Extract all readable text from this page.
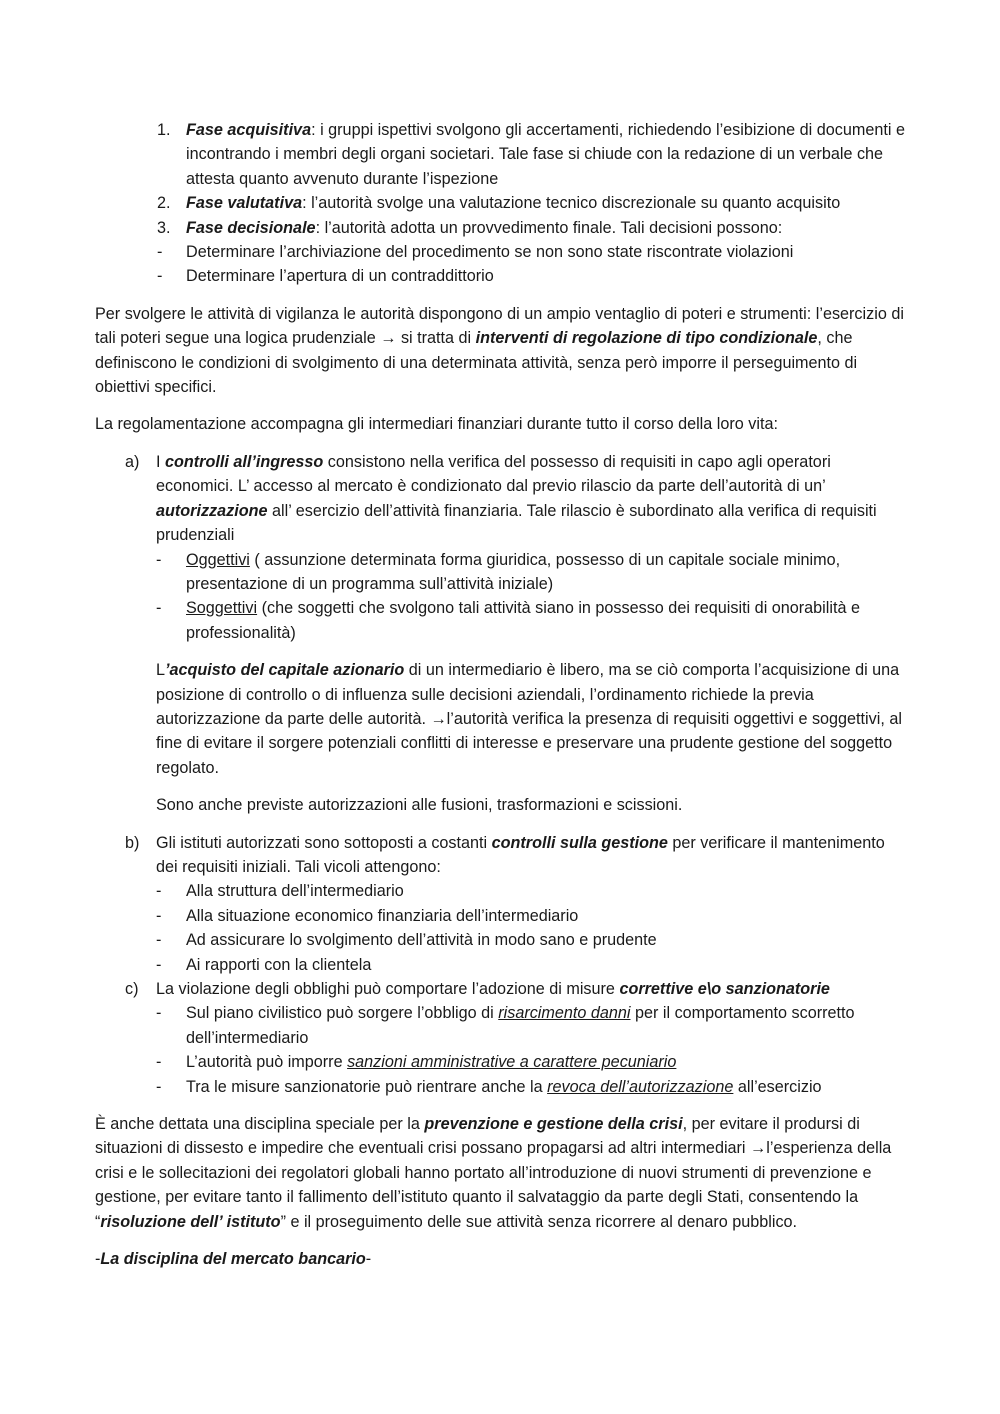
1. Fase acquisitiva: i gruppi ispettivi svolgono gli accertamenti, richiedendo l’esibizione di documenti e incontrando i membri degli organi societari. Tale fase si chiude con la redazione di un verbale che attesta quanto avvenuto durante l’ispezione

2. Fase valutativa: l’autorità svolge una valutazione tecnico discrezionale su quanto acquisito

3. Fase decisionale: l’autorità adotta un provvedimento finale. Tali decisioni possono:

- Determinare l’archiviazione del procedimento se non sono state riscontrate violazioni

- Determinare l’apertura di un contraddittorio

Per svolgere le attività di vigilanza le autorità dispongono di un ampio ventaglio di poteri e strumenti: l’esercizio di tali poteri segue una logica prudenziale → si tratta di interventi di regolazione di tipo condizionale, che definiscono le condizioni di svolgimento di una determinata attività, senza però imporre il perseguimento di obiettivi specifici.

La regolamentazione accompagna gli intermediari finanziari durante tutto il corso della loro vita:

a) I controlli all’ingresso consistono nella verifica del possesso di requisiti in capo agli operatori economici. L’ accesso al mercato è condizionato dal previo rilascio da parte dell’autorità di un’ autorizzazione all’ esercizio dell’attività finanziaria. Tale rilascio è subordinato alla verifica di requisiti prudenziali

- Oggettivi ( assunzione determinata forma giuridica, possesso di un capitale sociale minimo, presentazione di un programma sull’attività iniziale)

- Soggettivi (che soggetti che svolgono tali attività siano in possesso dei requisiti di onorabilità e professionalità)

L’acquisto del capitale azionario di un intermediario è libero, ma se ciò comporta l’acquisizione di una posizione di controllo o di influenza sulle decisioni aziendali, l’ordinamento richiede la previa autorizzazione da parte delle autorità. →l’autorità verifica la presenza di requisiti oggettivi e soggettivi, al fine di evitare il sorgere potenziali conflitti di interesse e preservare una prudente gestione del soggetto regolato.

Sono anche previste autorizzazioni alle fusioni, trasformazioni e scissioni.

b) Gli istituti autorizzati sono sottoposti a costanti controlli sulla gestione per verificare il mantenimento dei requisiti iniziali. Tali vicoli attengono:

- Alla struttura dell’intermediario

- Alla situazione economico finanziaria dell’intermediario

- Ad assicurare lo svolgimento dell’attività in modo sano e prudente

- Ai rapporti con la clientela

c) La violazione degli obblighi può comportare l’adozione di misure correttive e\o sanzionatorie

- Sul piano civilistico può sorgere l’obbligo di risarcimento danni per il comportamento scorretto dell’intermediario

- L’autorità può imporre sanzioni amministrative a carattere pecuniario

- Tra le misure sanzionatorie può rientrare anche la revoca dell’autorizzazione all’esercizio

È anche dettata una disciplina speciale per la prevenzione e gestione della crisi, per evitare il prodursi di situazioni di dissesto e impedire che eventuali crisi possano propagarsi ad altri intermediari →l’esperienza della crisi e le sollecitazioni dei regolatori globali hanno portato all’introduzione di nuovi strumenti di prevenzione e gestione, per evitare tanto il fallimento dell’istituto quanto il salvataggio da parte degli Stati, consentendo la “risoluzione dell’ istituto” e il proseguimento delle sue attività senza ricorrere al denaro pubblico.

-La disciplina del mercato bancario-
